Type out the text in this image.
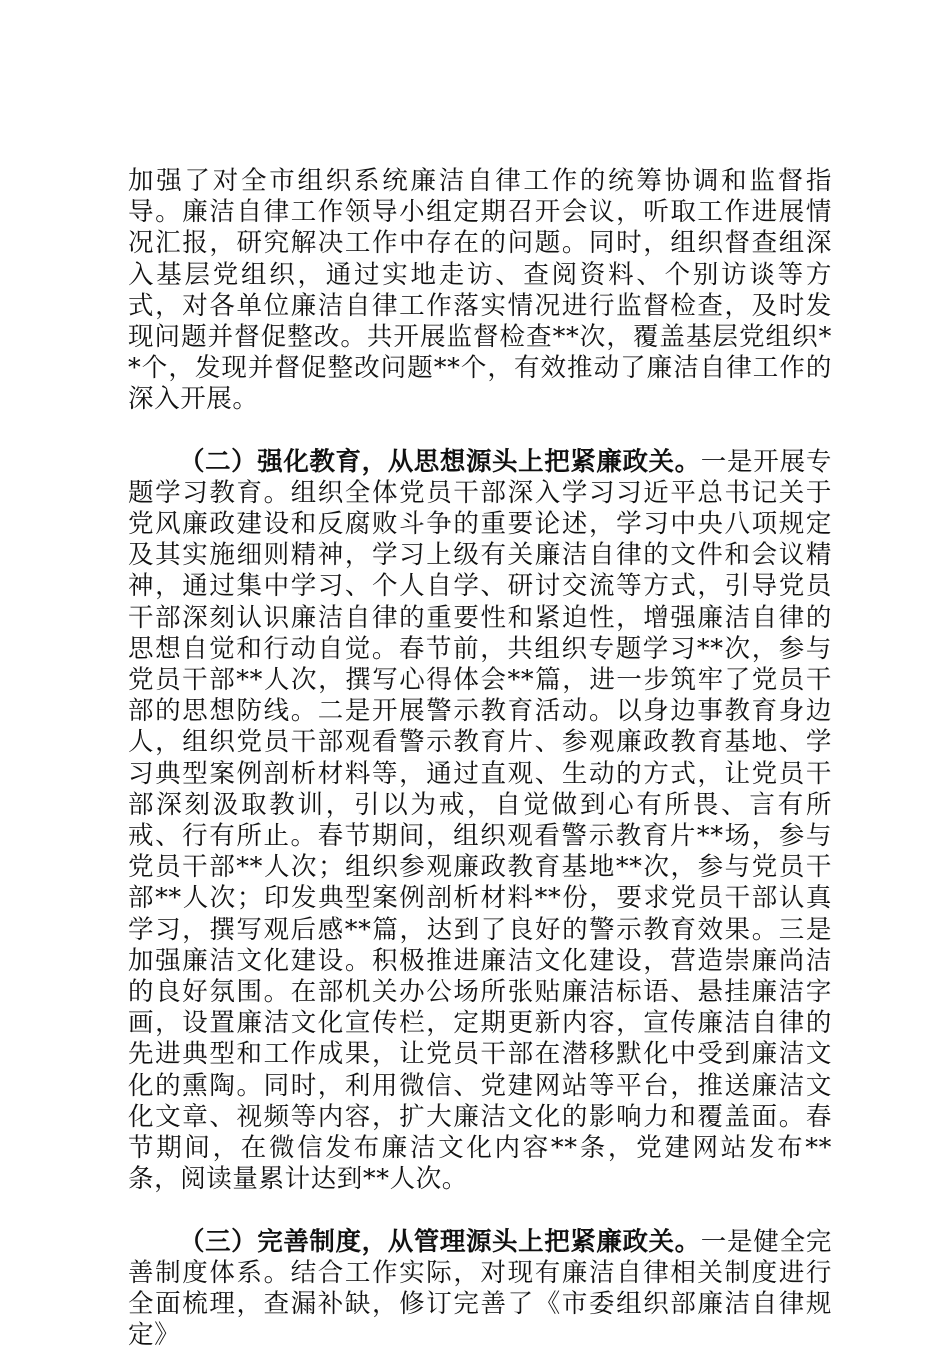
加强了对全市组织系统廉洁自律工作的统筹协调和监督指导。廉洁自律工作领导小组定期召开会议，听取工作进展情况汇报，研究解决工作中存在的问题。同时，组织督查组深入基层党组织，通过实地走访、查阅资料、个别访谈等方式，对各单位廉洁自律工作落实情况进行监督检查，及时发现问题并督促整改。共开展监督检查**次，覆盖基层党组织**个，发现并督促整改问题**个，有效推动了廉洁自律工作的深入开展。

（二）强化教育，从思想源头上把紧廉政关。一是开展专题学习教育。组织全体党员干部深入学习习近平总书记关于党风廉政建设和反腐败斗争的重要论述，学习中央八项规定及其实施细则精神，学习上级有关廉洁自律的文件和会议精神，通过集中学习、个人自学、研讨交流等方式，引导党员干部深刻认识廉洁自律的重要性和紧迫性，增强廉洁自律的思想自觉和行动自觉。春节前，共组织专题学习**次，参与党员干部**人次，撰写心得体会**篇，进一步筑牢了党员干部的思想防线。二是开展警示教育活动。以身边事教育身边人，组织党员干部观看警示教育片、参观廉政教育基地、学习典型案例剖析材料等，通过直观、生动的方式，让党员干部深刻汲取教训，引以为戒，自觉做到心有所畏、言有所戒、行有所止。春节期间，组织观看警示教育片**场，参与党员干部**人次；组织参观廉政教育基地**次，参与党员干部**人次；印发典型案例剖析材料**份，要求党员干部认真学习，撰写观后感**篇，达到了良好的警示教育效果。三是加强廉洁文化建设。积极推进廉洁文化建设，营造崇廉尚洁的良好氛围。在部机关办公场所张贴廉洁标语、悬挂廉洁字画，设置廉洁文化宣传栏，定期更新内容，宣传廉洁自律的先进典型和工作成果，让党员干部在潜移默化中受到廉洁文化的熏陶。同时，利用微信、党建网站等平台，推送廉洁文化文章、视频等内容，扩大廉洁文化的影响力和覆盖面。春节期间，在微信发布廉洁文化内容**条，党建网站发布**条，阅读量累计达到**人次。

（三）完善制度，从管理源头上把紧廉政关。一是健全完善制度体系。结合工作实际，对现有廉洁自律相关制度进行全面梳理，查漏补缺，修订完善了《市委组织部廉洁自律规定》
